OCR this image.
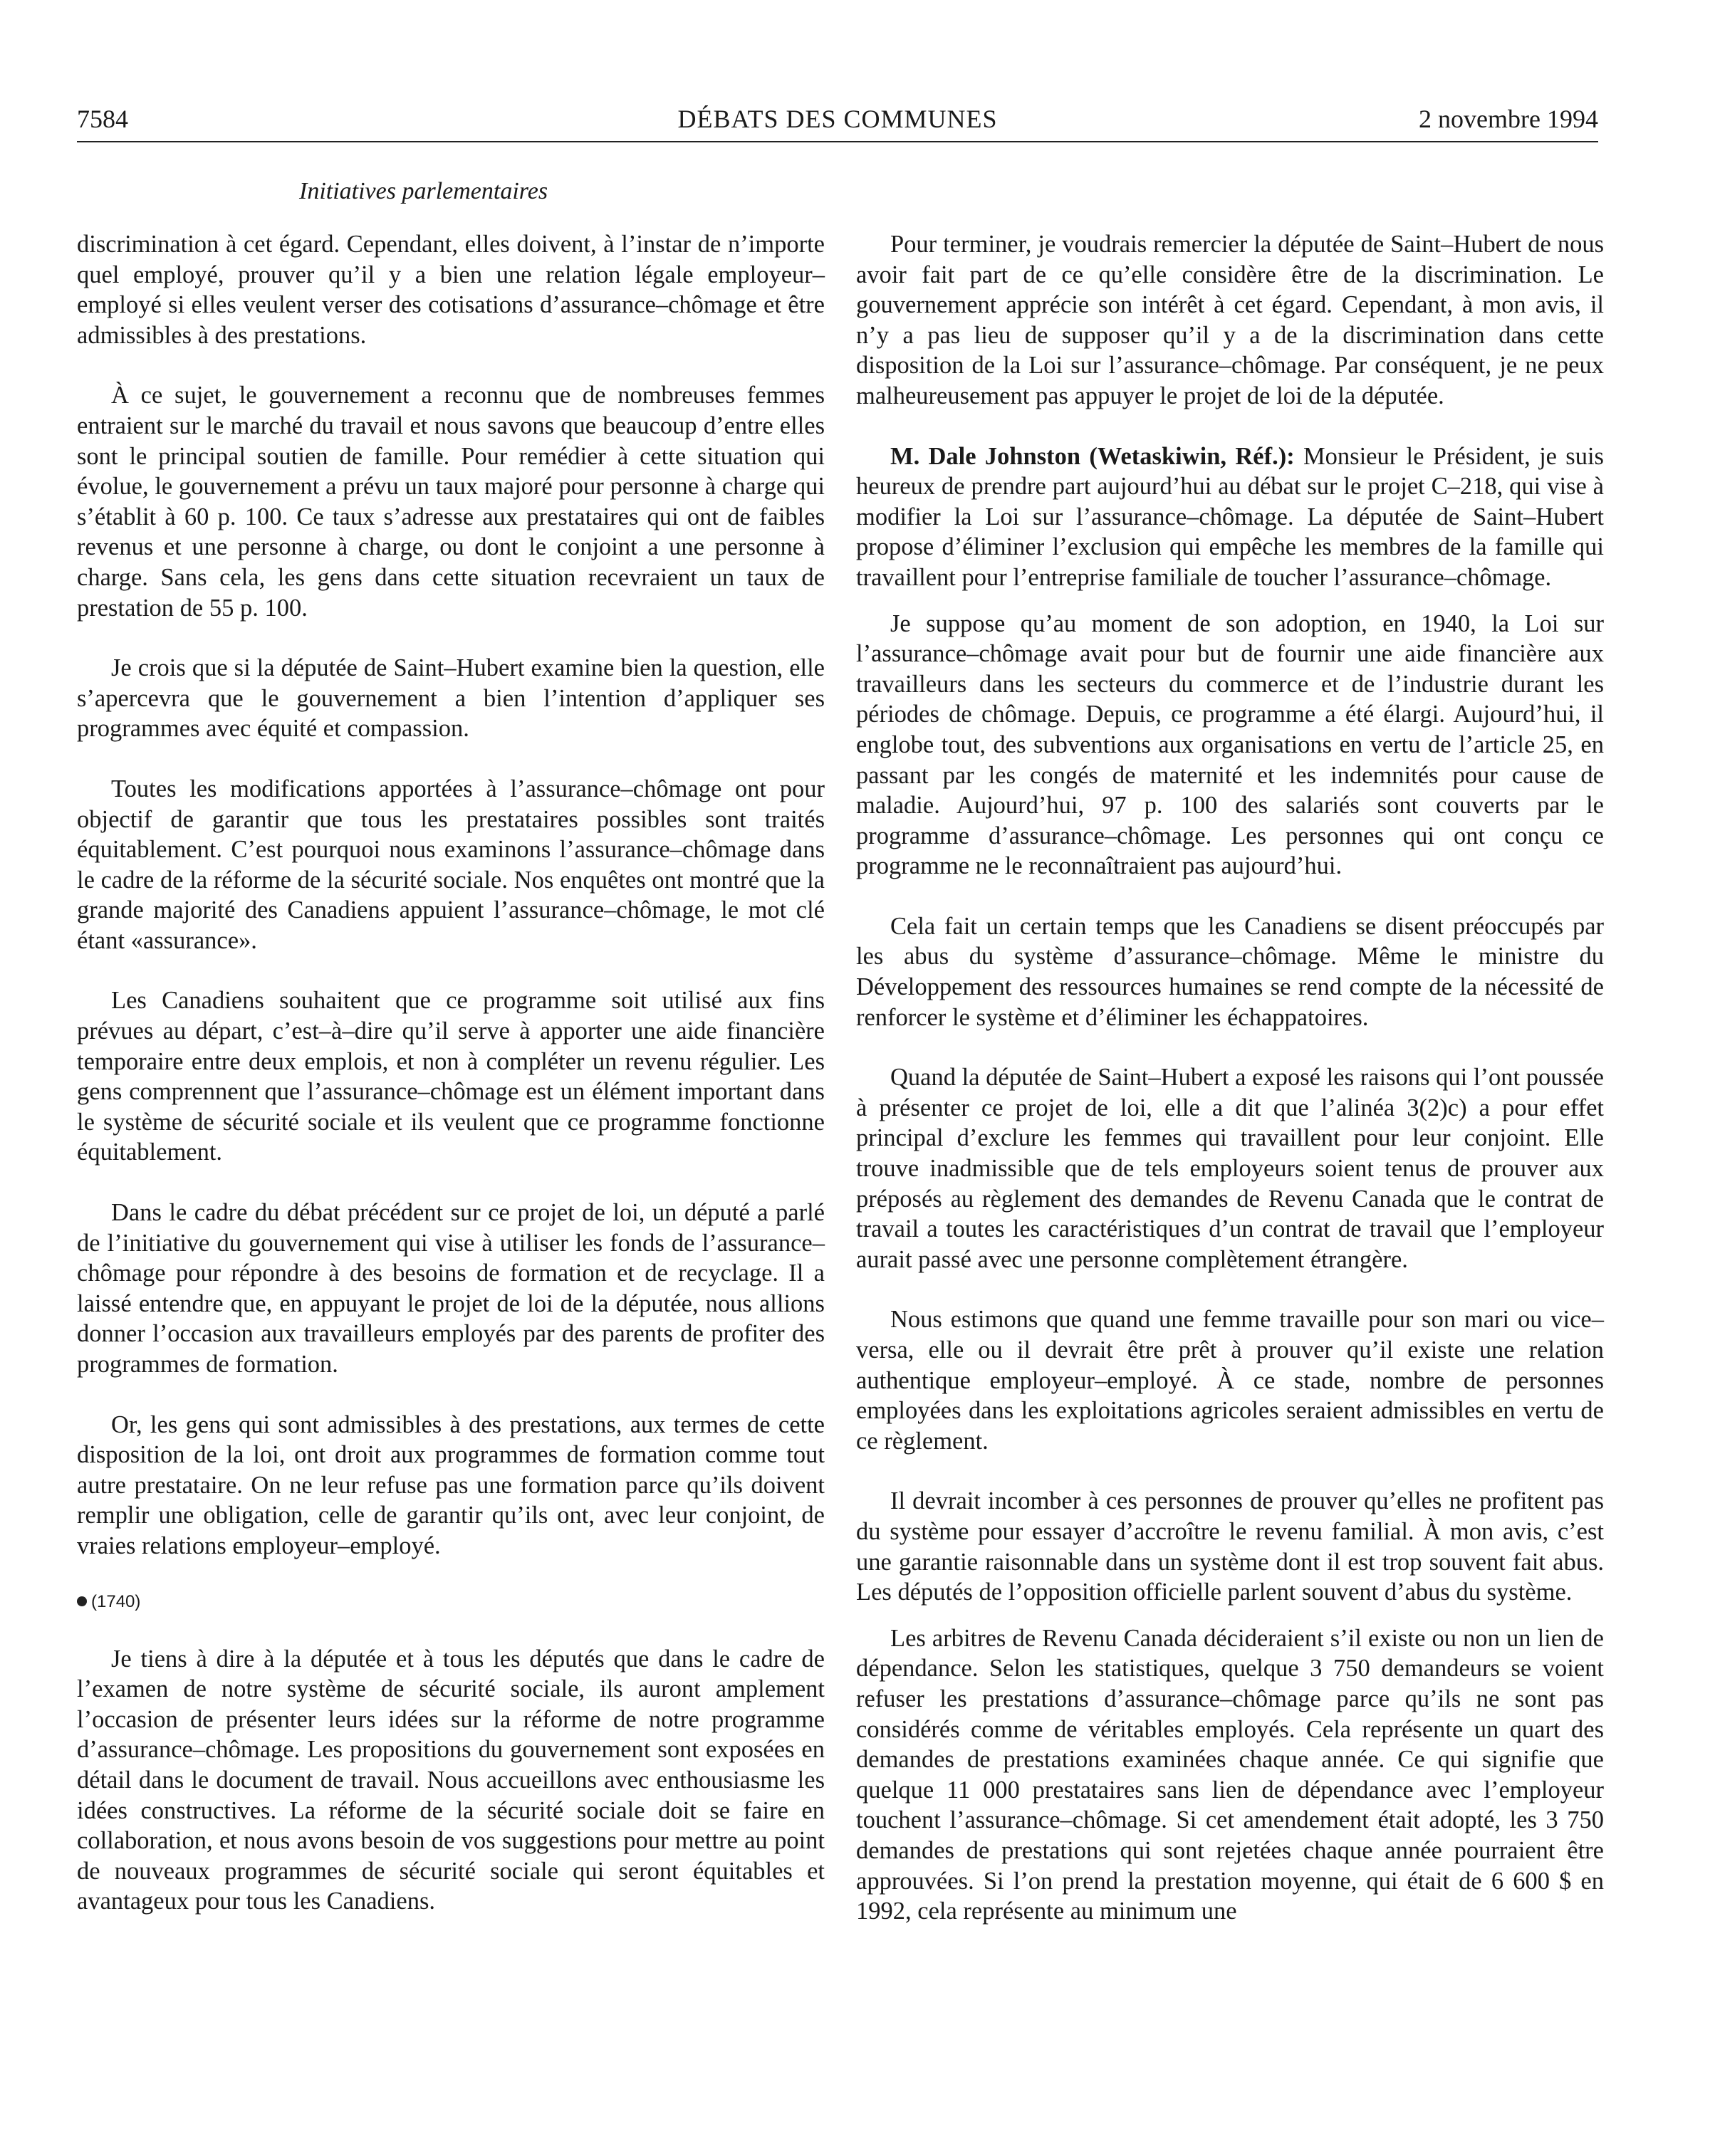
7584	DÉBATS DES COMMUNES	2 novembre 1994
Initiatives parlementaires

discrimination à cet égard. Cependant, elles doivent, à l’instar de n’importe quel employé, prouver qu’il y a bien une relation légale employeur–employé si elles veulent verser des cotisations d’assurance–chômage et être admissibles à des prestations.

À ce sujet, le gouvernement a reconnu que de nombreuses femmes entraient sur le marché du travail et nous savons que beaucoup d’entre elles sont le principal soutien de famille. Pour remédier à cette situation qui évolue, le gouvernement a prévu un taux majoré pour personne à charge qui s’établit à 60 p. 100. Ce taux s’adresse aux prestataires qui ont de faibles revenus et une personne à charge, ou dont le conjoint a une personne à charge. Sans cela, les gens dans cette situation recevraient un taux de prestation de 55 p. 100.

Je crois que si la députée de Saint–Hubert examine bien la question, elle s’apercevra que le gouvernement a bien l’intention d’appliquer ses programmes avec équité et compassion.

Toutes les modifications apportées à l’assurance–chômage ont pour objectif de garantir que tous les prestataires possibles sont traités équitablement. C’est pourquoi nous examinons l’assurance–chômage dans le cadre de la réforme de la sécurité sociale. Nos enquêtes ont montré que la grande majorité des Canadiens appuient l’assurance–chômage, le mot clé étant «assurance».

Les Canadiens souhaitent que ce programme soit utilisé aux fins prévues au départ, c’est–à–dire qu’il serve à apporter une aide financière temporaire entre deux emplois, et non à compléter un revenu régulier. Les gens comprennent que l’assurance–chômage est un élément important dans le système de sécurité sociale et ils veulent que ce programme fonctionne équitablement.

Dans le cadre du débat précédent sur ce projet de loi, un député a parlé de l’initiative du gouvernement qui vise à utiliser les fonds de l’assurance–chômage pour répondre à des besoins de formation et de recyclage. Il a laissé entendre que, en appuyant le projet de loi de la députée, nous allions donner l’occasion aux travailleurs employés par des parents de profiter des programmes de formation.

Or, les gens qui sont admissibles à des prestations, aux termes de cette disposition de la loi, ont droit aux programmes de formation comme tout autre prestataire. On ne leur refuse pas une formation parce qu’ils doivent remplir une obligation, celle de garantir qu’ils ont, avec leur conjoint, de vraies relations employeur–employé.

(1740)

Je tiens à dire à la députée et à tous les députés que dans le cadre de l’examen de notre système de sécurité sociale, ils auront amplement l’occasion de présenter leurs idées sur la réforme de notre programme d’assurance–chômage. Les propositions du gouvernement sont exposées en détail dans le document de travail. Nous accueillons avec enthousiasme les idées constructives. La réforme de la sécurité sociale doit se faire en collaboration, et nous avons besoin de vos suggestions pour mettre au point de nouveaux programmes de sécurité sociale qui seront équitables et avantageux pour tous les Canadiens.

Pour terminer, je voudrais remercier la députée de Saint–Hubert de nous avoir fait part de ce qu’elle considère être de la discrimination. Le gouvernement apprécie son intérêt à cet égard. Cependant, à mon avis, il n’y a pas lieu de supposer qu’il y a de la discrimination dans cette disposition de la Loi sur l’assurance–chômage. Par conséquent, je ne peux malheureusement pas appuyer le projet de loi de la députée.

M. Dale Johnston (Wetaskiwin, Réf.): Monsieur le Président, je suis heureux de prendre part aujourd’hui au débat sur le projet C–218, qui vise à modifier la Loi sur l’assurance–chômage. La députée de Saint–Hubert propose d’éliminer l’exclusion qui empêche les membres de la famille qui travaillent pour l’entreprise familiale de toucher l’assurance–chômage.

Je suppose qu’au moment de son adoption, en 1940, la Loi sur l’assurance–chômage avait pour but de fournir une aide financière aux travailleurs dans les secteurs du commerce et de l’industrie durant les périodes de chômage. Depuis, ce programme a été élargi. Aujourd’hui, il englobe tout, des subventions aux organisations en vertu de l’article 25, en passant par les congés de maternité et les indemnités pour cause de maladie. Aujourd’hui, 97 p. 100 des salariés sont couverts par le programme d’assurance–chômage. Les personnes qui ont conçu ce programme ne le reconnaîtraient pas aujourd’hui.

Cela fait un certain temps que les Canadiens se disent préoccupés par les abus du système d’assurance–chômage. Même le ministre du Développement des ressources humaines se rend compte de la nécessité de renforcer le système et d’éliminer les échappatoires.

Quand la députée de Saint–Hubert a exposé les raisons qui l’ont poussée à présenter ce projet de loi, elle a dit que l’alinéa 3(2)c) a pour effet principal d’exclure les femmes qui travaillent pour leur conjoint. Elle trouve inadmissible que de tels employeurs soient tenus de prouver aux préposés au règlement des demandes de Revenu Canada que le contrat de travail a toutes les caractéristiques d’un contrat de travail que l’employeur aurait passé avec une personne complètement étrangère.

Nous estimons que quand une femme travaille pour son mari ou vice–versa, elle ou il devrait être prêt à prouver qu’il existe une relation authentique employeur–employé. À ce stade, nombre de personnes employées dans les exploitations agricoles seraient admissibles en vertu de ce règlement.

Il devrait incomber à ces personnes de prouver qu’elles ne profitent pas du système pour essayer d’accroître le revenu familial. À mon avis, c’est une garantie raisonnable dans un système dont il est trop souvent fait abus. Les députés de l’opposition officielle parlent souvent d’abus du système.

Les arbitres de Revenu Canada décideraient s’il existe ou non un lien de dépendance. Selon les statistiques, quelque 3 750 demandeurs se voient refuser les prestations d’assurance–chômage parce qu’ils ne sont pas considérés comme de véritables employés. Cela représente un quart des demandes de prestations examinées chaque année. Ce qui signifie que quelque 11 000 prestataires sans lien de dépendance avec l’employeur touchent l’assurance–chômage. Si cet amendement était adopté, les 3 750 demandes de prestations qui sont rejetées chaque année pourraient être approuvées. Si l’on prend la prestation moyenne, qui était de 6 600 $ en 1992, cela représente au minimum une
